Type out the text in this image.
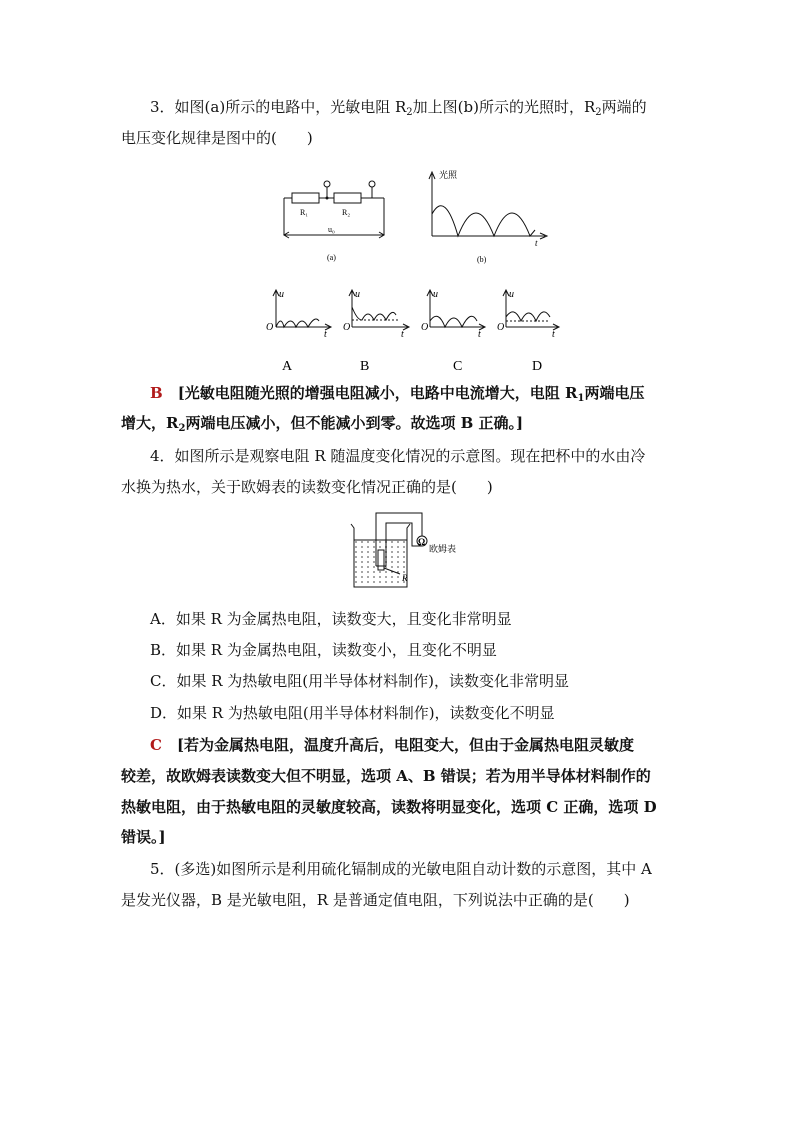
3．如图(a)所示的电路中，光敏电阻 $R_2$加上图(b)所示的光照时，$R_2$两端的
电压变化规律是图中的(　　)
R₁	R₂
u₀
(a)
光照
t
(b)
u
O
t
u
O
t
u
O
t
u
O
t
A	B	C	D
B　[光敏电阻随光照的增强电阻减小，电路中电流增大，电阻 $R_1$两端电压
增大，$R_2$两端电压减小，但不能减小到零。故选项 B 正确。]
4．如图所示是观察电阻 R 随温度变化情况的示意图。现在把杯中的水由冷
水换为热水，关于欧姆表的读数变化情况正确的是(　　)
Ω
欧姆表
R
A．如果 R 为金属热电阻，读数变大，且变化非常明显
B．如果 R 为金属热电阻，读数变小，且变化不明显
C．如果 R 为热敏电阻(用半导体材料制作)，读数变化非常明显
D．如果 R 为热敏电阻(用半导体材料制作)，读数变化不明显
C　[若为金属热电阻，温度升高后，电阻变大，但由于金属热电阻灵敏度
较差，故欧姆表读数变大但不明显，选项 A、B 错误；若为用半导体材料制作的
热敏电阻，由于热敏电阻的灵敏度较高，读数将明显变化，选项 C 正确，选项 D
错误。]
5．(多选)如图所示是利用硫化镉制成的光敏电阻自动计数的示意图，其中 A
是发光仪器，B 是光敏电阻，R 是普通定值电阻，下列说法中正确的是(　　)
